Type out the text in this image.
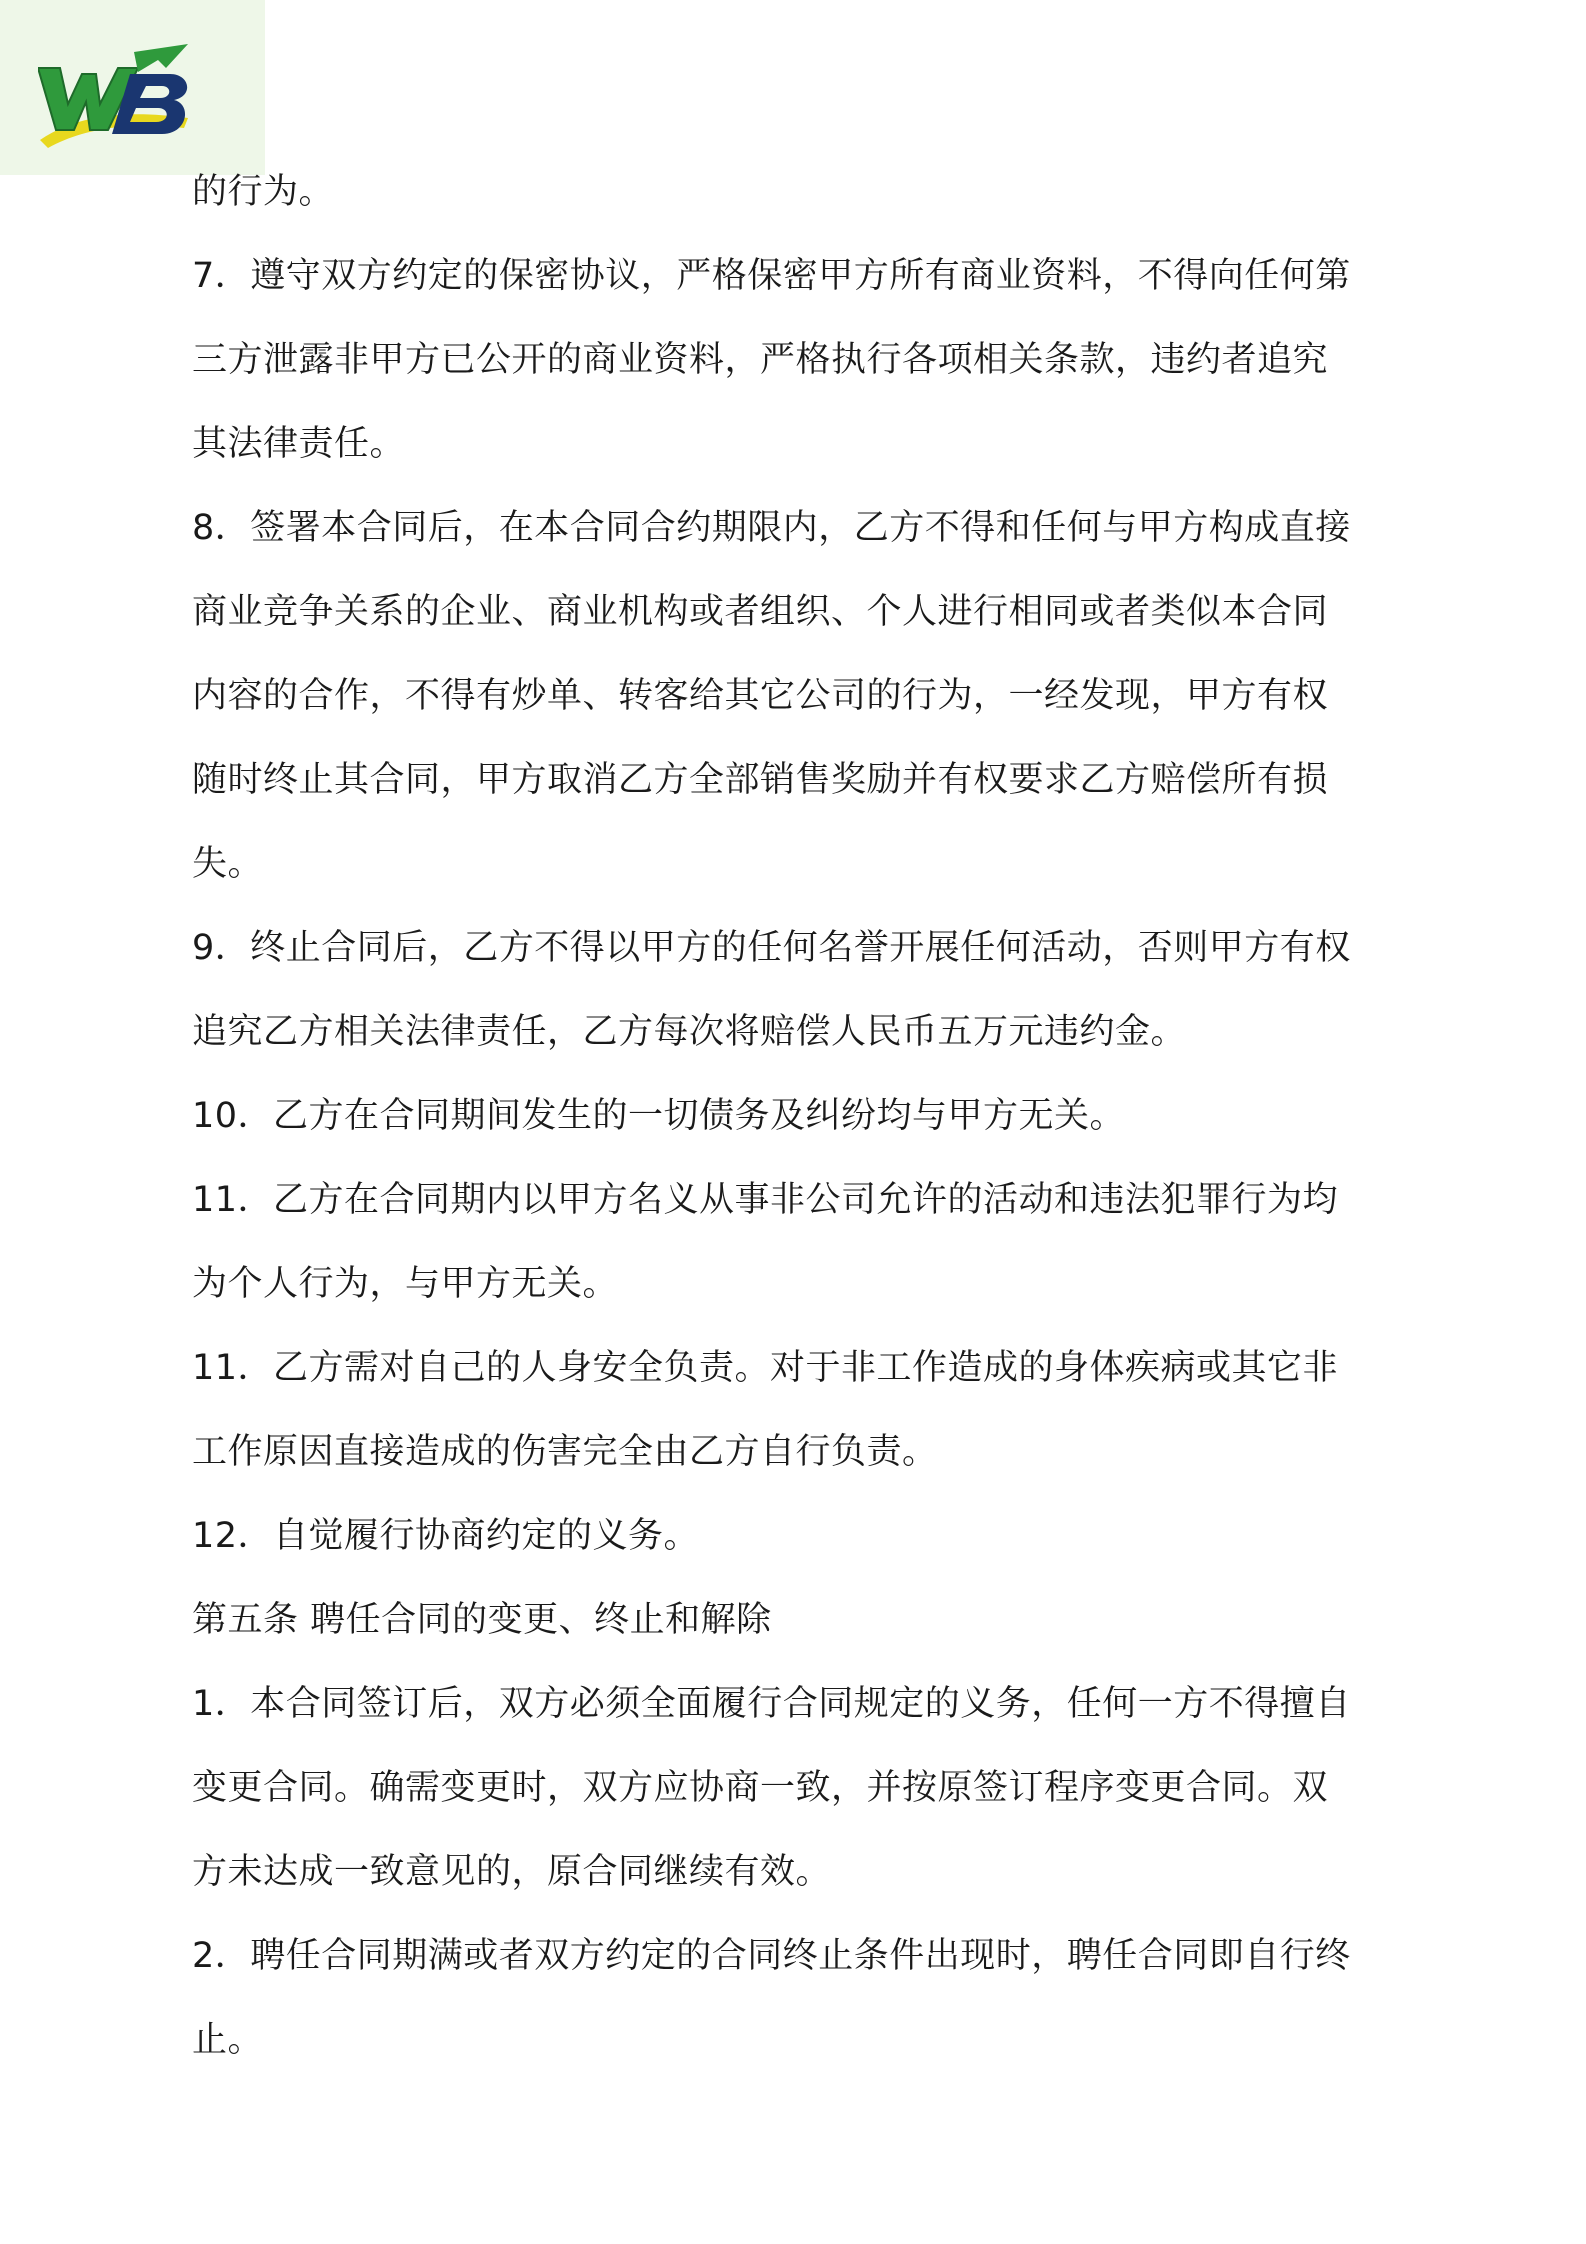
的行为。

7．遵守双方约定的保密协议，严格保密甲方所有商业资料，不得向任何第
三方泄露非甲方已公开的商业资料，严格执行各项相关条款，违约者追究
其法律责任。

8．签署本合同后，在本合同合约期限内，乙方不得和任何与甲方构成直接
商业竞争关系的企业、商业机构或者组织、个人进行相同或者类似本合同
内容的合作，不得有炒单、转客给其它公司的行为，一经发现，甲方有权
随时终止其合同，甲方取消乙方全部销售奖励并有权要求乙方赔偿所有损
失。

9．终止合同后，乙方不得以甲方的任何名誉开展任何活动，否则甲方有权
追究乙方相关法律责任，乙方每次将赔偿人民币五万元违约金。

10．乙方在合同期间发生的一切债务及纠纷均与甲方无关。

11．乙方在合同期内以甲方名义从事非公司允许的活动和违法犯罪行为均
为个人行为，与甲方无关。

11．乙方需对自己的人身安全负责。对于非工作造成的身体疾病或其它非
工作原因直接造成的伤害完全由乙方自行负责。

12．自觉履行协商约定的义务。

第五条 聘任合同的变更、终止和解除

1．本合同签订后，双方必须全面履行合同规定的义务，任何一方不得擅自
变更合同。确需变更时，双方应协商一致，并按原签订程序变更合同。双
方未达成一致意见的，原合同继续有效。

2．聘任合同期满或者双方约定的合同终止条件出现时，聘任合同即自行终
止。
